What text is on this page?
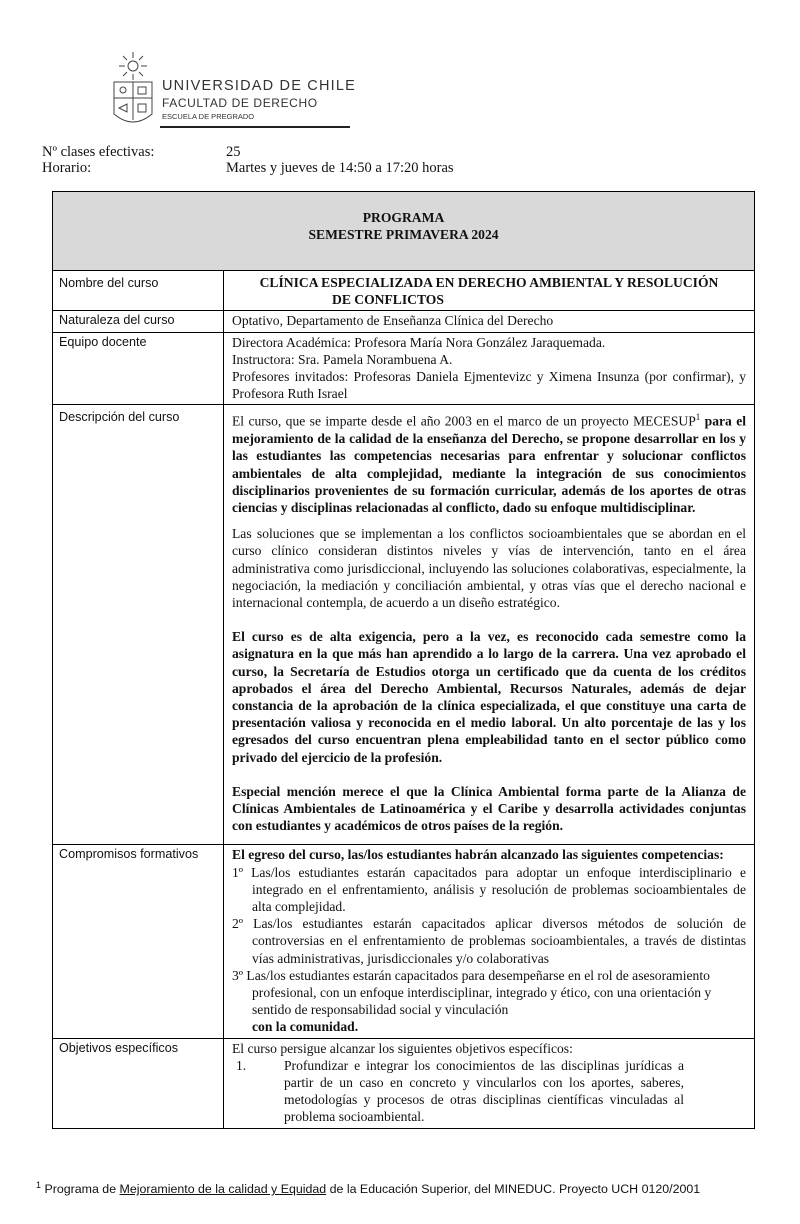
UNIVERSIDAD DE CHILE
FACULTAD DE DERECHO
ESCUELA DE PREGRADO
Nº clases efectivas:	25
Horario:	Martes y jueves de 14:50 a 17:20 horas
PROGRAMA
SEMESTRE PRIMAVERA 2024	

Nombre del curso	CLÍNICA ESPECIALIZADA EN DERECHO AMBIENTAL Y RESOLUCIÓN
DE CONFLICTOS

Naturaleza del curso	Optativo, Departamento de Enseñanza Clínica del Derecho
Equipo docente	Directora Académica: Profesora María Nora González Jaraquemada.
Instructora: Sra. Pamela Norambuena A.
Profesores invitados: Profesoras Daniela Ejmentevizc y Ximena Insunza (por confirmar), y Profesora Ruth Israel

Descripción del curso	El curso, que se imparte desde el año 2003 en el marco de un proyecto MECESUP$^1$ para el mejoramiento de la calidad de la enseñanza del Derecho, se propone desarrollar en los y las estudiantes las competencias necesarias para enfrentar y solucionar conflictos ambientales de alta complejidad, mediante la integración de sus conocimientos disciplinarios provenientes de su formación curricular, además de los aportes de otras ciencias y disciplinas relacionadas al conflicto, dado su enfoque multidisciplinar.

Las soluciones que se implementan a los conflictos socioambientales que se abordan en el curso clínico consideran distintos niveles y vías de intervención, tanto en el área administrativa como jurisdiccional, incluyendo las soluciones colaborativas, especialmente, la negociación, la mediación y conciliación ambiental, y otras vías que el derecho nacional e internacional contempla, de acuerdo a un diseño estratégico.

El curso es de alta exigencia, pero a la vez, es reconocido cada semestre como la asignatura en la que más han aprendido a lo largo de la carrera. Una vez aprobado el curso, la Secretaría de Estudios otorga un certificado que da cuenta de los créditos aprobados el área del Derecho Ambiental, Recursos Naturales, además de dejar constancia de la aprobación de la clínica especializada, el que constituye una carta de presentación valiosa y reconocida en el medio laboral. Un alto porcentaje de las y los egresados del curso encuentran plena empleabilidad tanto en el sector público como privado del ejercicio de la profesión.

Especial mención merece el que la Clínica Ambiental forma parte de la Alianza de Clínicas Ambientales de Latinoamérica y el Caribe y desarrolla actividades conjuntas con estudiantes y académicos de otros países de la región.

Compromisos formativos	El egreso del curso, las/los estudiantes habrán alcanzado las siguientes competencias:

1º Las/los estudiantes estarán capacitados para adoptar un enfoque interdisciplinario e integrado en el enfrentamiento, análisis y resolución de problemas socioambientales de alta complejidad.

2º Las/los estudiantes estarán capacitados aplicar diversos métodos de solución de controversias en el enfrentamiento de problemas socioambientales, a través de distintas vías administrativas, jurisdiccionales y/o colaborativas

3º Las/los estudiantes estarán capacitados para desempeñarse en el rol de asesoramiento profesional, con un enfoque interdisciplinar, integrado y ético, con una orientación y sentido de responsabilidad social y vinculación

con la comunidad.

Objetivos específicos	El curso persigue alcanzar los siguientes objetivos específicos:
1. Profundizar e integrar los conocimientos de las disciplinas jurídicas a partir de un caso en concreto y vincularlos con los aportes, saberes, metodologías y procesos de otras disciplinas científicas vinculadas al problema socioambiental.
$^1$ Programa de Mejoramiento de la calidad y Equidad de la Educación Superior, del MINEDUC. Proyecto UCH 0120/2001
